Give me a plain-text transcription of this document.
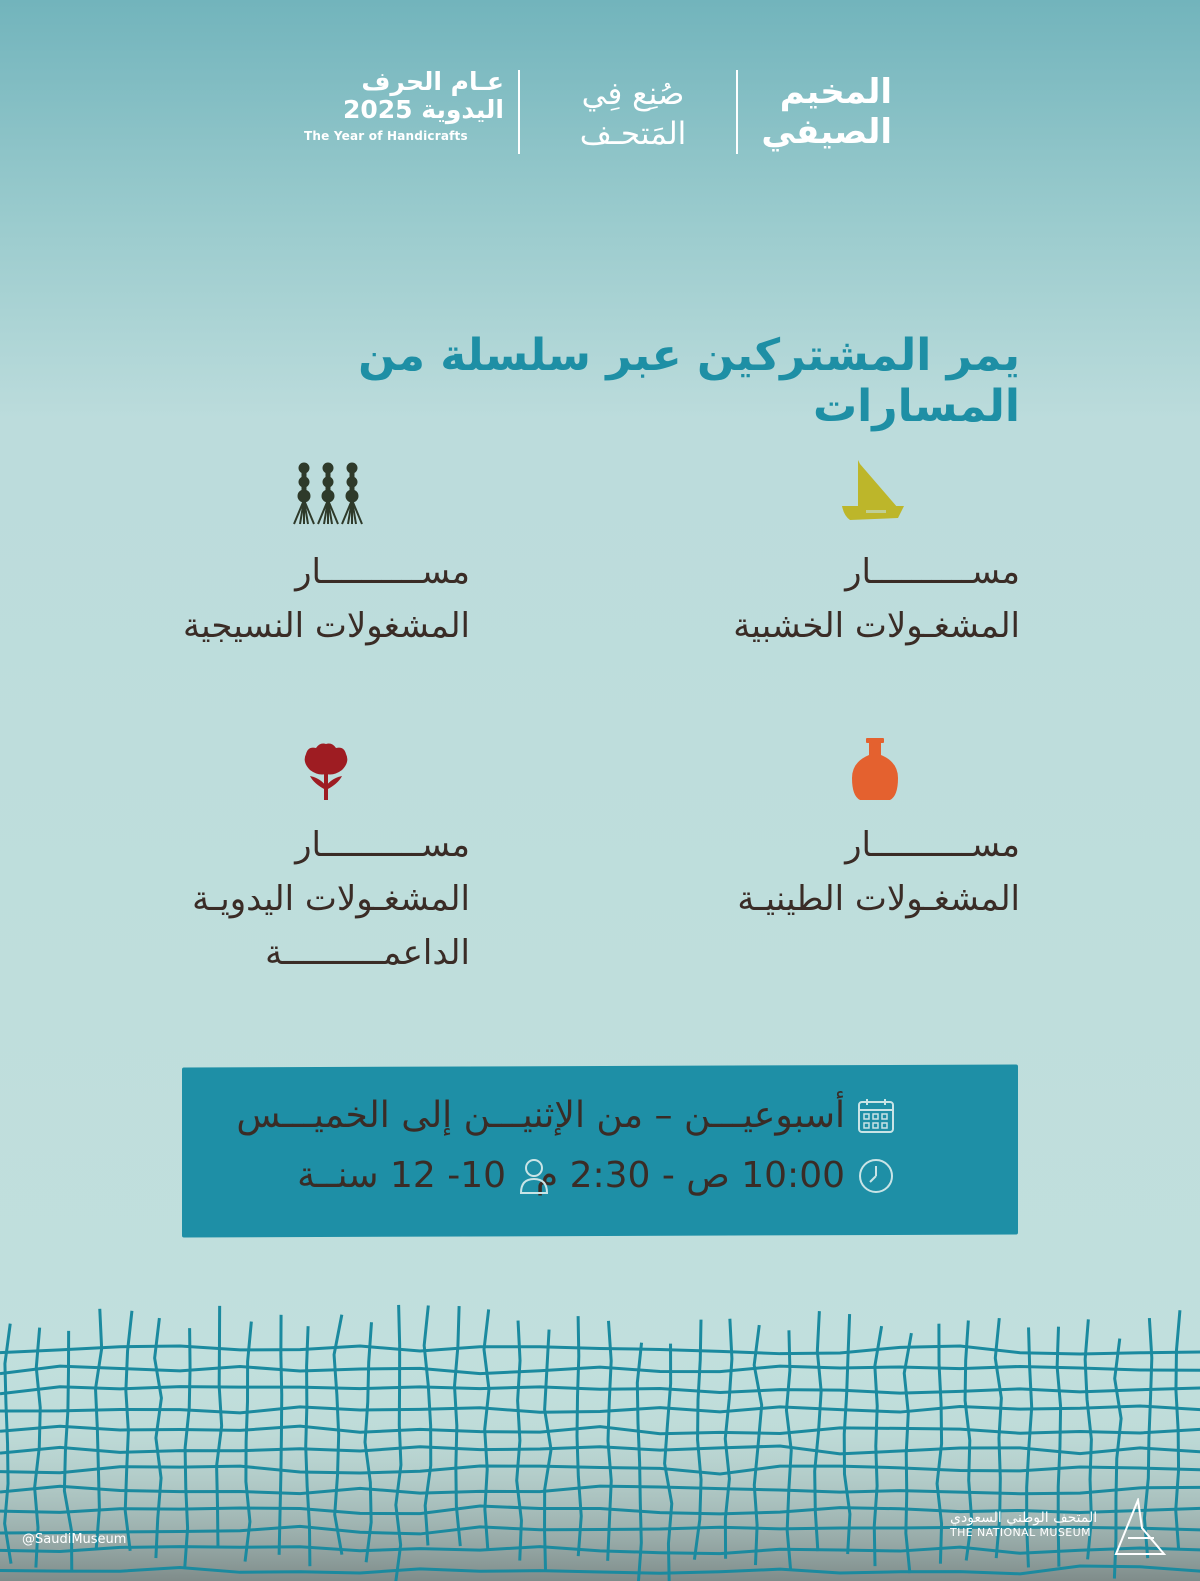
المخيم
الصيفي
صُنِع فِي
المَتحـف
عـام الحرف
اليدوية 2025
The Year of Handicrafts
يمر المشتركين عبر سلسلة من المسارات
مســــــــــار
المشغـولات الخشبية
مســــــــــار
المشغولات النسيجية
مســــــــــار
المشغـولات الطينيـة
مســــــــــار
المشغـولات اليدويـة
الداعمــــــــــة
أسبوعيـــن – من الإثنيـــن إلى الخميـــس
10:00 ص - 2:30 م
10- 12 سنــة
@SaudiMuseum
المتحف الوطني السعودي
THE NATIONAL MUSEUM
